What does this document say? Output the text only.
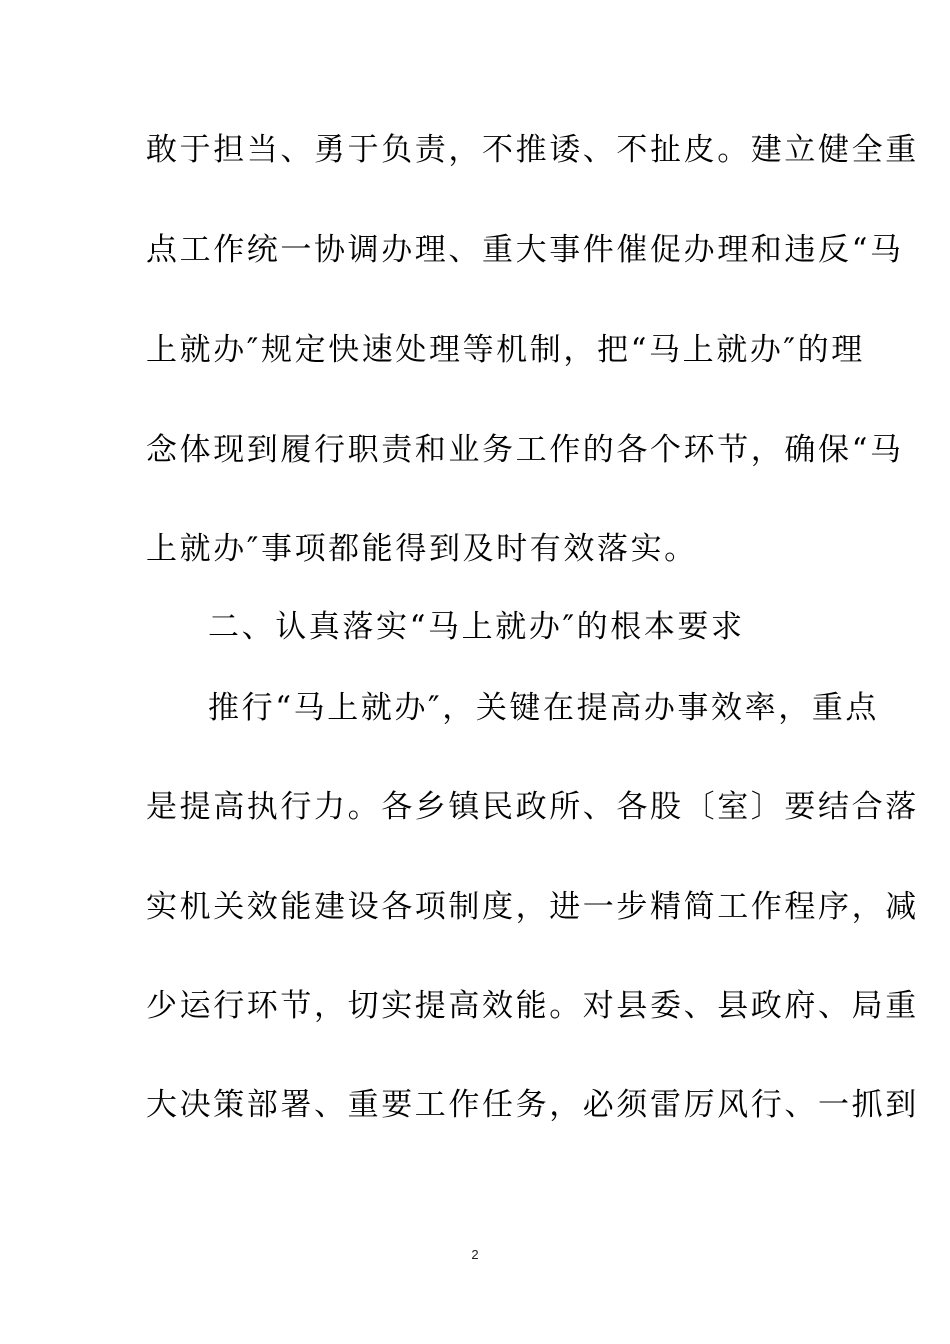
敢于担当、勇于负责，不推诿、不扯皮。建立健全重
点工作统一协调办理、重大事件催促办理和违反“马
上就办″规定快速处理等机制，把“马上就办″的理
念体现到履行职责和业务工作的各个环节，确保“马
上就办″事项都能得到及时有效落实。
二、认真落实“马上就办″的根本要求
推行“马上就办″，关键在提高办事效率，重点
是提高执行力。各乡镇民政所、各股〔室〕要结合落
实机关效能建设各项制度，进一步精简工作程序，减
少运行环节，切实提高效能。对县委、县政府、局重
大决策部署、重要工作任务，必须雷厉风行、一抓到
2
